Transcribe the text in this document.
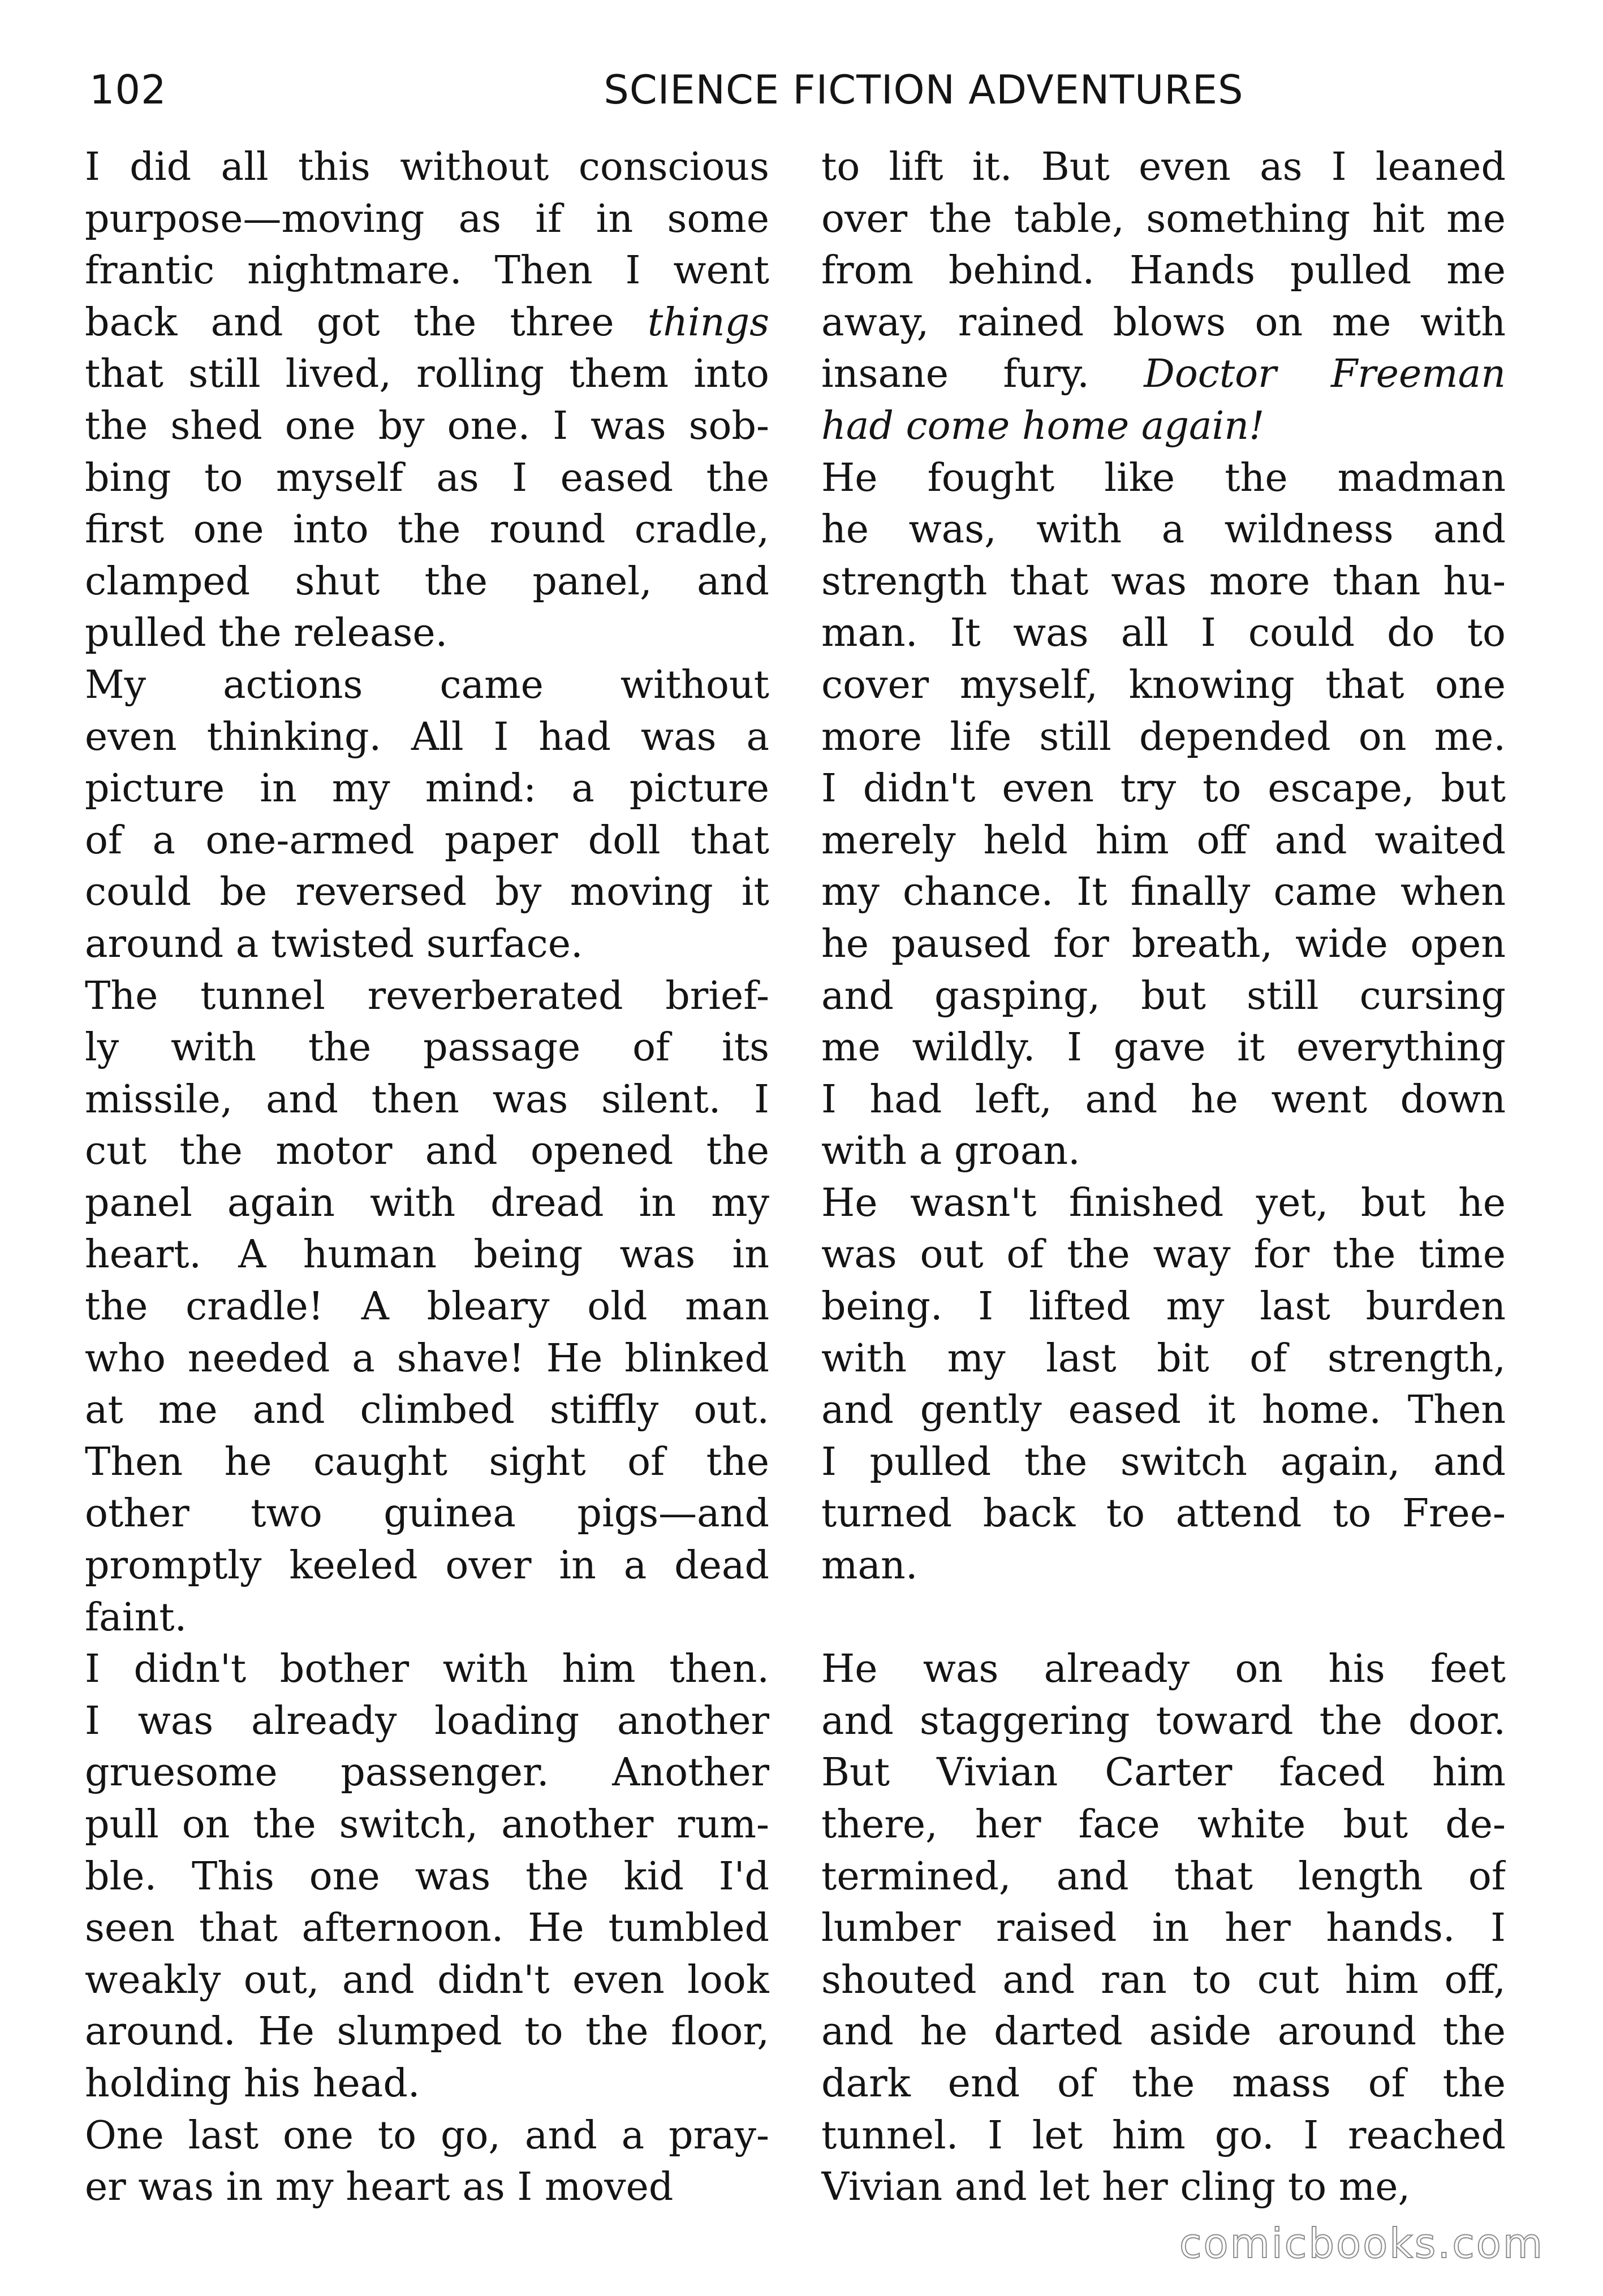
102	SCIENCE FICTION ADVENTURES

I did all this without conscious
purpose—moving as if in some
frantic nightmare. Then I went
back and got the three things
that still lived, rolling them into
the shed one by one. I was sob-
bing to myself as I eased the
first one into the round cradle,
clamped shut the panel, and
pulled the release.

My actions came without
even thinking. All I had was a
picture in my mind: a picture
of a one-armed paper doll that
could be reversed by moving it
around a twisted surface.

The tunnel reverberated brief-
ly with the passage of its
missile, and then was silent. I
cut the motor and opened the
panel again with dread in my
heart. A human being was in
the cradle! A bleary old man
who needed a shave! He blinked
at me and climbed stiffly out.
Then he caught sight of the
other two guinea pigs—and
promptly keeled over in a dead
faint.

I didn't bother with him then.
I was already loading another
gruesome passenger. Another
pull on the switch, another rum-
ble. This one was the kid I'd
seen that afternoon. He tumbled
weakly out, and didn't even look
around. He slumped to the floor,
holding his head.

One last one to go, and a pray-
er was in my heart as I moved

to lift it. But even as I leaned
over the table, something hit me
from behind. Hands pulled me
away, rained blows on me with
insane fury. Doctor Freeman
had come home again!

He fought like the madman
he was, with a wildness and
strength that was more than hu-
man. It was all I could do to
cover myself, knowing that one
more life still depended on me.
I didn't even try to escape, but
merely held him off and waited
my chance. It finally came when
he paused for breath, wide open
and gasping, but still cursing
me wildly. I gave it everything
I had left, and he went down
with a groan.

He wasn't finished yet, but he
was out of the way for the time
being. I lifted my last burden
with my last bit of strength,
and gently eased it home. Then
I pulled the switch again, and
turned back to attend to Free-
man.

He was already on his feet
and staggering toward the door.
But Vivian Carter faced him
there, her face white but de-
termined, and that length of
lumber raised in her hands. I
shouted and ran to cut him off,
and he darted aside around the
dark end of the mass of the
tunnel. I let him go. I reached
Vivian and let her cling to me,

comicbooks.com
